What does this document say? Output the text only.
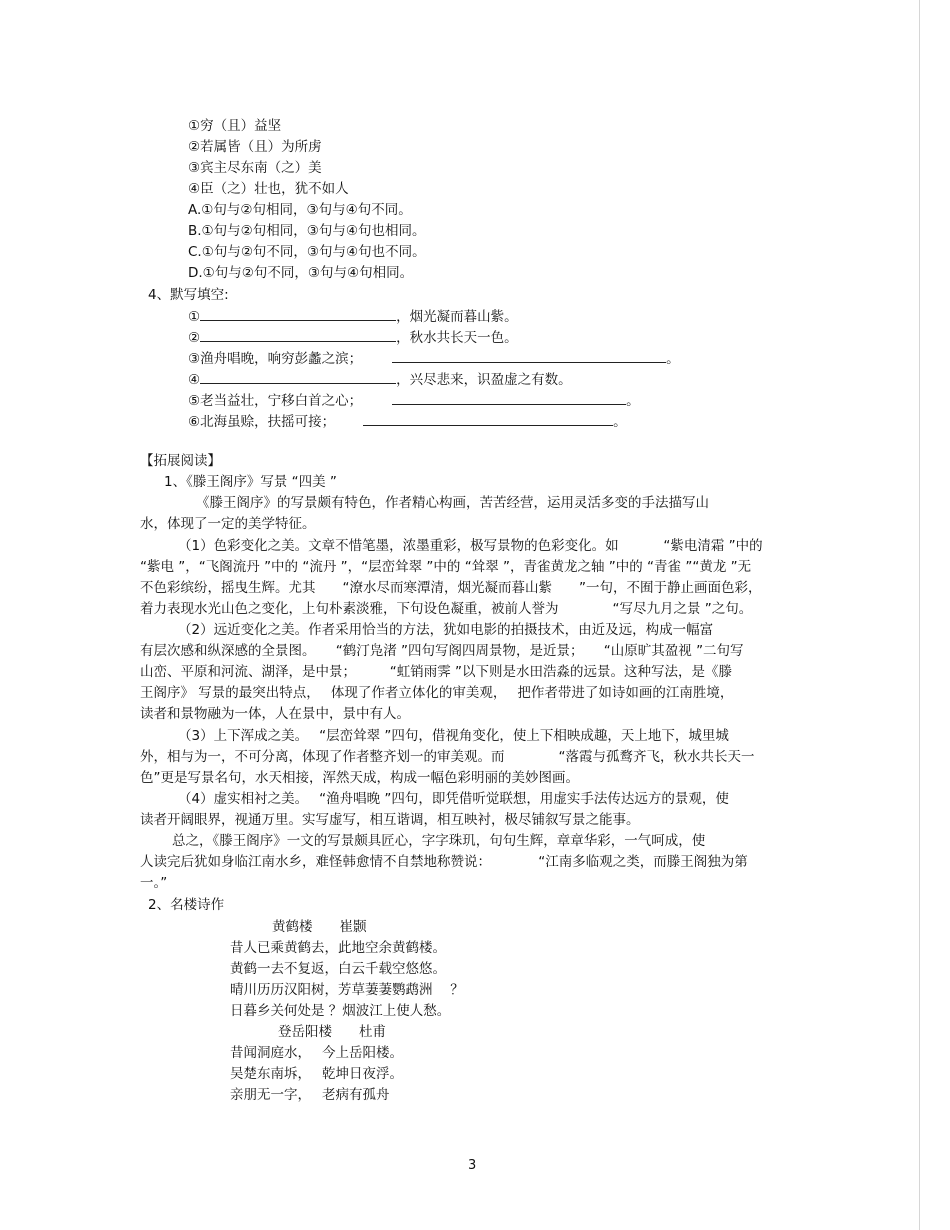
①穷（且）益坚
②若属皆（且）为所虏
③宾主尽东南（之）美
④臣（之）壮也，犹不如人
A.①句与②句相同，③句与④句不同。
B.①句与②句相同，③句与④句也相同。
C.①句与②句不同，③句与④句也不同。
D.①句与②句不同，③句与④句相同。
4、默写填空:
①	，烟光凝而暮山紫。
②	，秋水共长天一色。
③渔舟唱晚，响穷彭蠡之滨；	。
④	，兴尽悲来，识盈虚之有数。
⑤老当益壮，宁移白首之心；	。
⑥北海虽赊，扶摇可接；	。
【拓展阅读】
1、《滕王阁序》写景 “四美 ”
《滕王阁序》的写景颇有特色，作者精心构画，苦苦经营，运用灵活多变的手法描写山
水，体现了一定的美学特征。
（1）色彩变化之美。文章不惜笔墨，浓墨重彩，极写景物的色彩变化。如　　　 “紫电清霜 ”中的
“紫电 ”，“飞阁流丹 ”中的 “流丹 ”，“层峦耸翠 ”中的 “耸翠 ”，青雀黄龙之轴 ”中的 “青雀 ”“黄龙 ”无
不色彩缤纷，摇曳生辉。尤其　　“潦水尽而寒潭清，烟光凝而暮山紫　　”一句，不囿于静止画面色彩，
着力表现水光山色之变化，上句朴素淡雅，下句设色凝重，被前人誉为　　　　“写尽九月之景 ”之句。
（2）远近变化之美。作者采用恰当的方法，犹如电影的拍摄技术，由近及远，构成一幅富
有层次感和纵深感的全景图。　　“鹤汀凫渚 ”四句写阁四周景物，是近景；　　“山原旷其盈视 ”二句写
山峦、平原和河流、湖泽，是中景；　　　“虹销雨霁 ”以下则是水田浩淼的远景。这种写法，是《滕
王阁序》 写景的最突出特点，　 体现了作者立体化的审美观，　 把作者带进了如诗如画的江南胜境，
读者和景物融为一体，人在景中，景中有人。
（3）上下浑成之美。　 “层峦耸翠 ”四句，借视角变化，使上下相映成趣，天上地下，城里城
外，相与为一，不可分离，体现了作者整齐划一的审美观。而　　　　“落霞与孤鹜齐飞，秋水共长天一
色”更是写景名句，水天相接，浑然天成，构成一幅色彩明丽的美妙图画。
（4）虚实相衬之美。　 “渔舟唱晚 ”四句，即凭借听觉联想，用虚实手法传达远方的景观，使
读者开阔眼界，视通万里。实写虚写，相互谐调，相互映衬，极尽铺叙写景之能事。
总之，《滕王阁序》一文的写景颇具匠心，字字珠玑，句句生辉，章章华彩，一气呵成，使
人读完后犹如身临江南水乡，难怪韩愈情不自禁地称赞说：　　　　“江南多临观之类，而滕王阁独为第
一。”
2、名楼诗作
黄鹤楼　　崔颢
昔人已乘黄鹤去，此地空余黄鹤楼。
黄鹤一去不复返，白云千载空悠悠。
晴川历历汉阳树，芳草萋萋鹦鹉洲　 ？
日暮乡关何处是 ？烟波江上使人愁。
登岳阳楼　　杜甫
昔闻洞庭水，　 今上岳阳楼。
吴楚东南坼，　 乾坤日夜浮。
亲朋无一字，　 老病有孤舟
3
